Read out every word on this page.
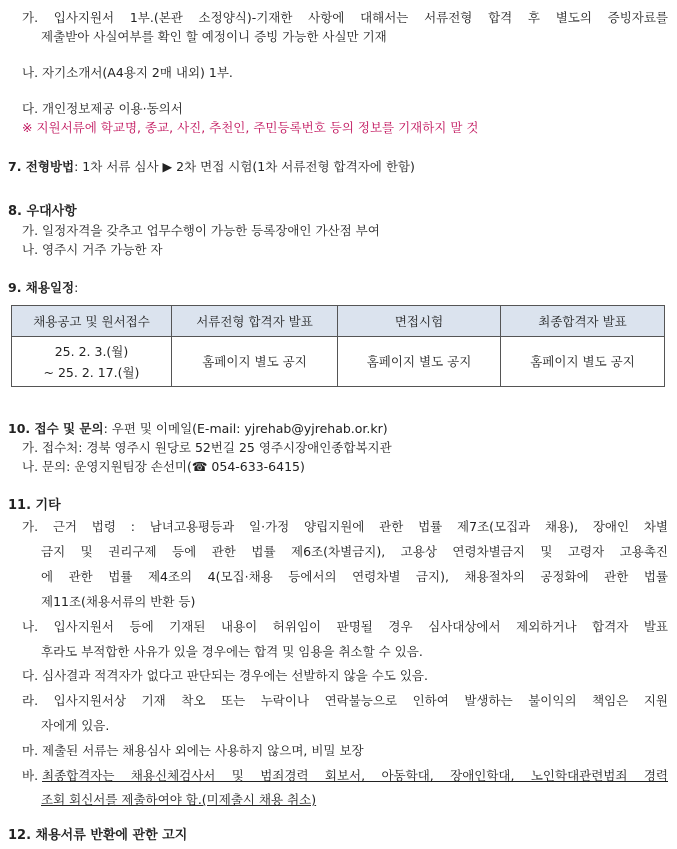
가. 입사지원서 1부.(본관 소정양식)-기재한 사항에 대해서는 서류전형 합격 후 별도의 증빙자료를
제출받아 사실여부를 확인 할 예정이니 증빙 가능한 사실만 기재
나. 자기소개서(A4용지 2매 내외) 1부.
다. 개인정보제공 이용·동의서
※ 지원서류에 학교명, 종교, 사진, 추천인, 주민등록번호 등의 정보를 기재하지 말 것
7. 전형방법: 1차 서류 심사 ▶ 2차 면접 시험(1차 서류전형 합격자에 한함)
8. 우대사항
가. 일정자격을 갖추고 업무수행이 가능한 등록장애인 가산점 부여
나. 영주시 거주 가능한 자
9. 채용일정:
채용공고 및 원서접수	서류전형 합격자 발표	면접시험	최종합격자 발표

25. 2. 3.(월)
~ 25. 2. 17.(월)	홈페이지 별도 공지	홈페이지 별도 공지	홈페이지 별도 공지
10. 접수 및 문의: 우편 및 이메일(E-mail: yjrehab@yjrehab.or.kr)
가. 접수처: 경북 영주시 원당로 52번길 25 영주시장애인종합복지관
나. 문의: 운영지원팀장 손선미(☎ 054-633-6415)
11. 기타
가. 근거 법령 : 남녀고용평등과 일·가정 양립지원에 관한 법률 제7조(모집과 채용), 장애인 차별
금지 및 권리구제 등에 관한 법률 제6조(차별금지), 고용상 연령차별금지 및 고령자 고용촉진
에 관한 법률 제4조의 4(모집·채용 등에서의 연령차별 금지), 채용절차의 공정화에 관한 법률
제11조(채용서류의 반환 등)
나. 입사지원서 등에 기재된 내용이 허위임이 판명될 경우 심사대상에서 제외하거나 합격자 발표
후라도 부적합한 사유가 있을 경우에는 합격 및 임용을 취소할 수 있음.
다. 심사결과 적격자가 없다고 판단되는 경우에는 선발하지 않을 수도 있음.
라. 입사지원서상 기재 착오 또는 누락이나 연락불능으로 인하여 발생하는 불이익의 책임은 지원
자에게 있음.
마. 제출된 서류는 채용심사 외에는 사용하지 않으며, 비밀 보장
바. 최종합격자는 채용신체검사서 및 범죄경력 회보서, 아동학대, 장애인학대, 노인학대관련범죄 경력
조회 회신서를 제출하여야 함.(미제출시 채용 취소)
12. 채용서류 반환에 관한 고지
